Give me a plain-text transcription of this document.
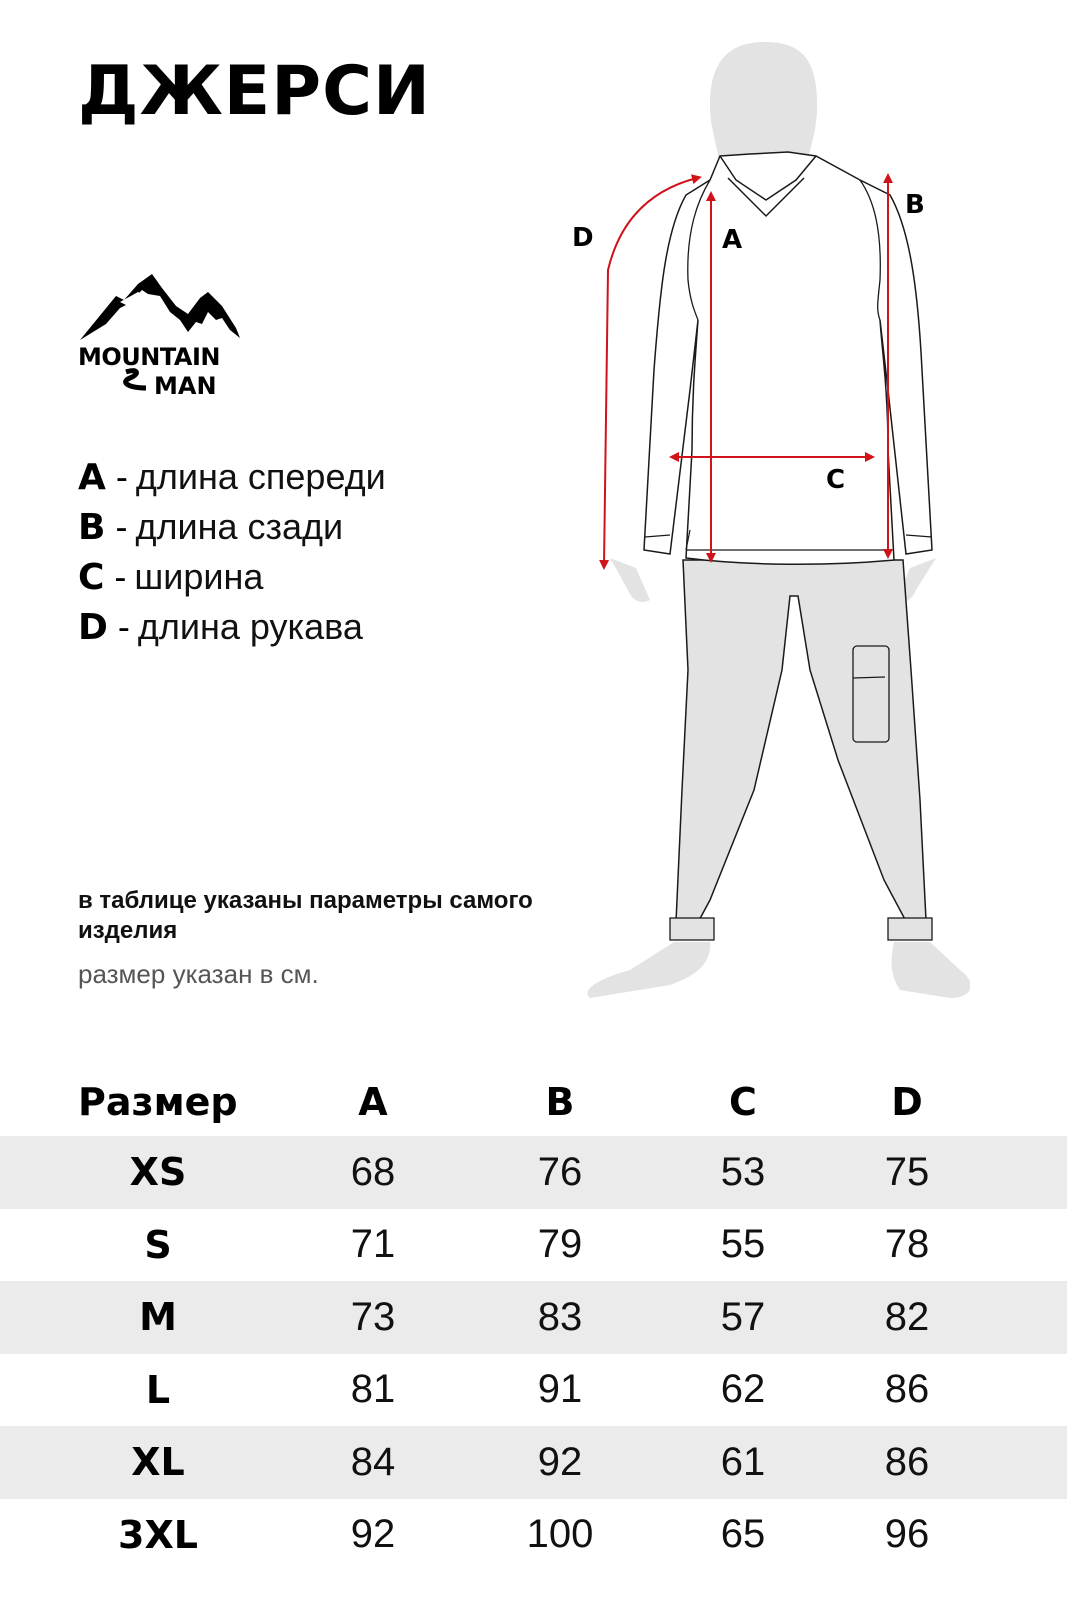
ДЖЕРСИ
MOUNTAIN
MAN
A - длина спереди
B - длина сзади
C - ширина
D - длина рукава
в таблице указаны параметры самого изделия
размер указан в см.
A
B
C
D
Размер	A	B	C	D
XS	68	76	53	75
S	71	79	55	78
M	73	83	57	82
L	81	91	62	86
XL	84	92	61	86
3XL	92	100	65	96
